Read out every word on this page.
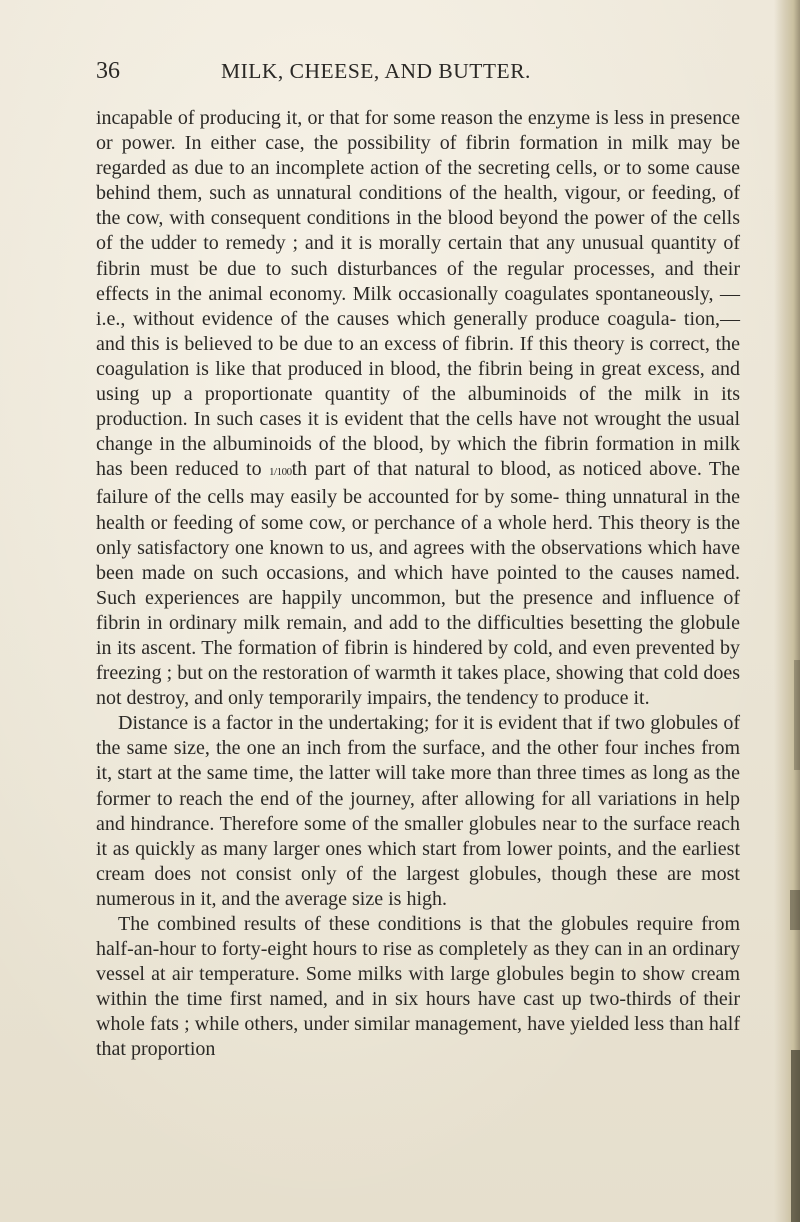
36	MILK, CHEESE, AND BUTTER.

incapable of producing it, or that for some reason the enzyme is less in presence or power. In either case, the possibility of fibrin formation in milk may be regarded as due to an incomplete action of the secreting cells, or to some cause behind them, such as unnatural conditions of the health, vigour, or feeding, of the cow, with consequent conditions in the blood beyond the power of the cells of the udder to remedy ; and it is morally certain that any unusual quantity of fibrin must be due to such disturbances of the regular processes, and their effects in the animal economy. Milk occasionally coagulates spontaneously, —i.e., without evidence of the causes which generally produce coagula- tion,—and this is believed to be due to an excess of fibrin. If this theory is correct, the coagulation is like that produced in blood, the fibrin being in great excess, and using up a proportionate quantity of the albuminoids of the milk in its production. In such cases it is evident that the cells have not wrought the usual change in the albuminoids of the blood, by which the fibrin formation in milk has been reduced to 1/100th part of that natural to blood, as noticed above. The failure of the cells may easily be accounted for by some- thing unnatural in the health or feeding of some cow, or perchance of a whole herd. This theory is the only satisfactory one known to us, and agrees with the observations which have been made on such occasions, and which have pointed to the causes named. Such experiences are happily uncommon, but the presence and influence of fibrin in ordinary milk remain, and add to the difficulties besetting the globule in its ascent. The formation of fibrin is hindered by cold, and even prevented by freezing ; but on the restoration of warmth it takes place, showing that cold does not destroy, and only temporarily impairs, the tendency to produce it.

Distance is a factor in the undertaking; for it is evident that if two globules of the same size, the one an inch from the surface, and the other four inches from it, start at the same time, the latter will take more than three times as long as the former to reach the end of the journey, after allowing for all variations in help and hindrance. Therefore some of the smaller globules near to the surface reach it as quickly as many larger ones which start from lower points, and the earliest cream does not consist only of the largest globules, though these are most numerous in it, and the average size is high.

The combined results of these conditions is that the globules require from half-an-hour to forty-eight hours to rise as completely as they can in an ordinary vessel at air temperature. Some milks with large globules begin to show cream within the time first named, and in six hours have cast up two-thirds of their whole fats ; while others, under similar management, have yielded less than half that proportion
